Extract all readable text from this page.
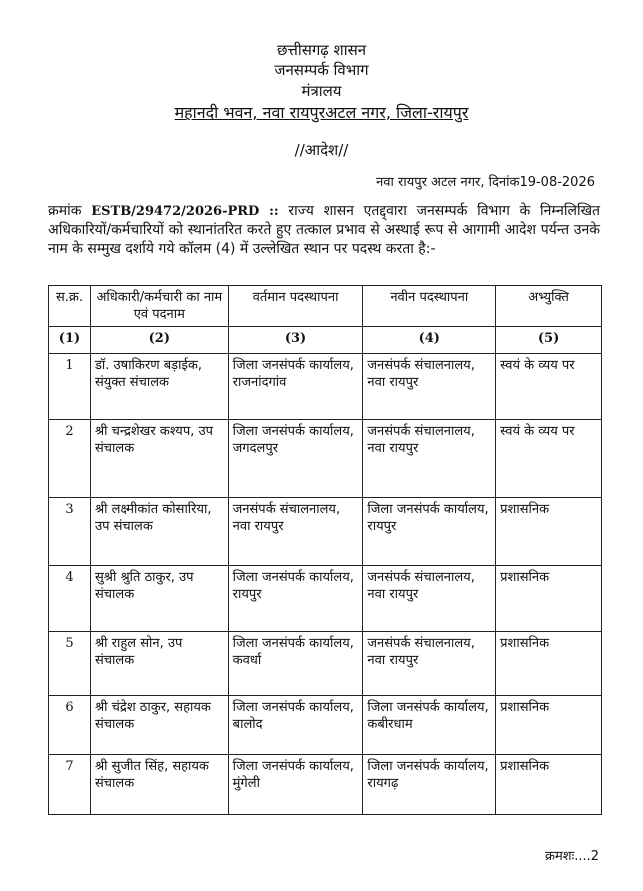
छत्तीसगढ़ शासन
जनसम्पर्क विभाग
मंत्रालय
महानदी भवन, नवा रायपुरअटल नगर, जिला-रायपुर
//आदेश//
नवा रायपुर अटल नगर, दिनांक19-08-2026
क्रमांक ESTB/29472/2026-PRD :: राज्य शासन एतद्द्वारा जनसम्पर्क विभाग के निम्नलिखित अधिकारियों/कर्मचारियों को स्थानांतरित करते हुए तत्काल प्रभाव से अस्थाई रूप से आगामी आदेश पर्यन्त उनके नाम के सम्मुख दर्शाये गये कॉलम (4) में उल्लेखित स्थान पर पदस्थ करता है:-
स.क्र.	अधिकारी/कर्मचारी का नाम एवं पदनाम	वर्तमान पदस्थापना	नवीन पदस्थापना	अभ्युक्ति
(1)	(2)	(3)	(4)	(5)
1	डॉ. उषाकिरण बड़ाईक, संयुक्त संचालक	जिला जनसंपर्क कार्यालय, राजनांदगांव	जनसंपर्क संचालनालय, नवा रायपुर	स्वयं के व्यय पर
2	श्री चन्द्रशेखर कश्यप, उप संचालक	जिला जनसंपर्क कार्यालय, जगदलपुर	जनसंपर्क संचालनालय, नवा रायपुर	स्वयं के व्यय पर
3	श्री लक्ष्मीकांत कोसारिया, उप संचालक	जनसंपर्क संचालनालय, नवा रायपुर	जिला जनसंपर्क कार्यालय, रायपुर	प्रशासनिक
4	सुश्री श्रुति ठाकुर, उप संचालक	जिला जनसंपर्क कार्यालय, रायपुर	जनसंपर्क संचालनालय, नवा रायपुर	प्रशासनिक
5	श्री राहुल सोन, उप संचालक	जिला जनसंपर्क कार्यालय, कवर्धा	जनसंपर्क संचालनालय, नवा रायपुर	प्रशासनिक
6	श्री चंद्रेश ठाकुर, सहायक संचालक	जिला जनसंपर्क कार्यालय, बालोद	जिला जनसंपर्क कार्यालय, कबीरधाम	प्रशासनिक
7	श्री सुजीत सिंह, सहायक संचालक	जिला जनसंपर्क कार्यालय, मुंगेली	जिला जनसंपर्क कार्यालय, रायगढ़	प्रशासनिक
क्रमशः....2
